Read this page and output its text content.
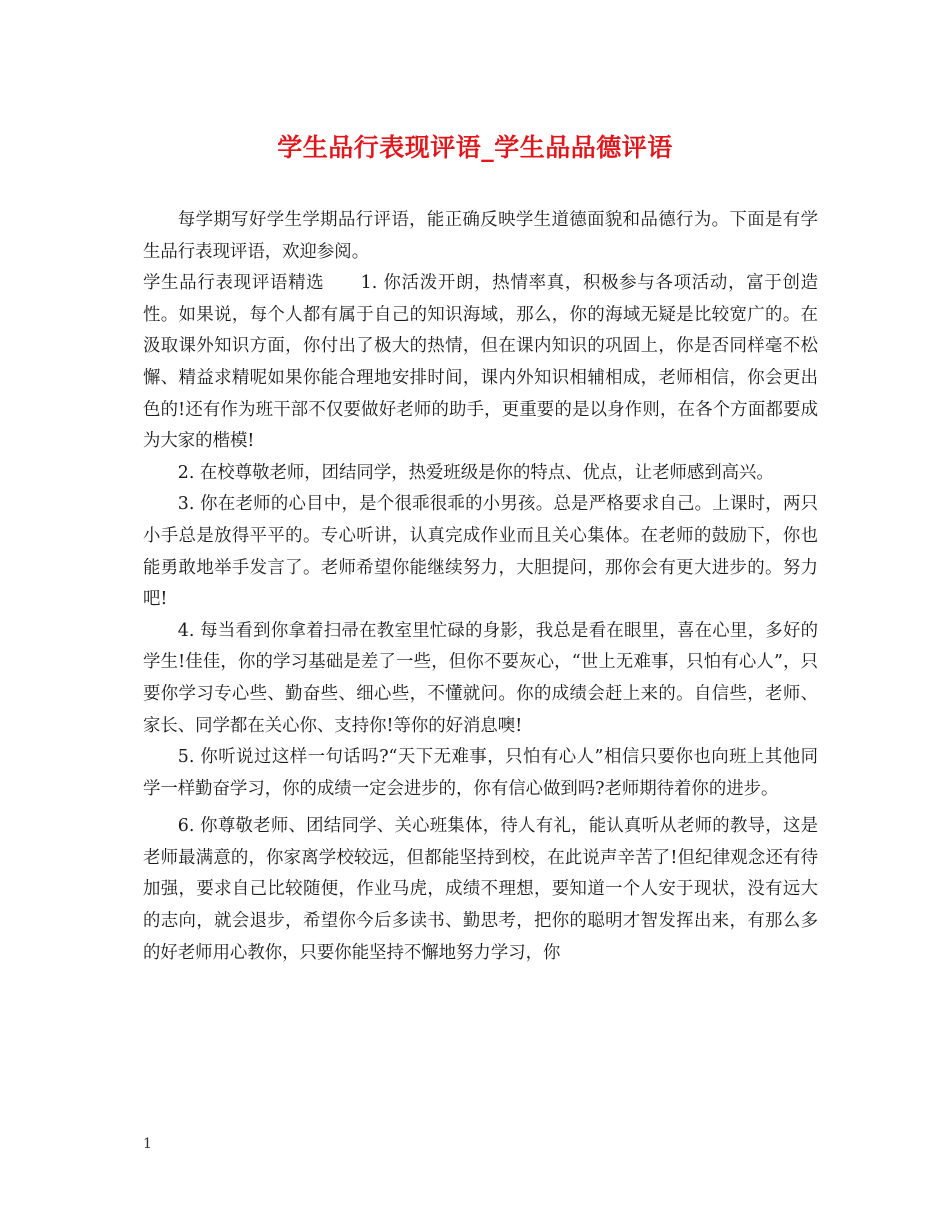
学生品行表现评语_学生品品德评语

每学期写好学生学期品行评语，能正确反映学生道德面貌和品德行为。下面是有学生品行表现评语，欢迎参阅。

学生品行表现评语精选　　1. 你活泼开朗，热情率真，积极参与各项活动，富于创造性。如果说，每个人都有属于自己的知识海域，那么，你的海域无疑是比较宽广的。在汲取课外知识方面，你付出了极大的热情，但在课内知识的巩固上，你是否同样毫不松懈、精益求精呢如果你能合理地安排时间，课内外知识相辅相成，老师相信，你会更出色的!还有作为班干部不仅要做好老师的助手，更重要的是以身作则，在各个方面都要成为大家的楷模!

2. 在校尊敬老师，团结同学，热爱班级是你的特点、优点，让老师感到高兴。

3. 你在老师的心目中，是个很乖很乖的小男孩。总是严格要求自己。上课时，两只小手总是放得平平的。专心听讲，认真完成作业而且关心集体。在老师的鼓励下，你也能勇敢地举手发言了。老师希望你能继续努力，大胆提问，那你会有更大进步的。努力吧!

4. 每当看到你拿着扫帚在教室里忙碌的身影，我总是看在眼里，喜在心里，多好的学生!佳佳，你的学习基础是差了一些，但你不要灰心，“世上无难事，只怕有心人”，只要你学习专心些、勤奋些、细心些，不懂就问。你的成绩会赶上来的。自信些，老师、家长、同学都在关心你、支持你!等你的好消息噢!

5. 你听说过这样一句话吗?“天下无难事，只怕有心人”相信只要你也向班上其他同学一样勤奋学习，你的成绩一定会进步的，你有信心做到吗?老师期待着你的进步。

6. 你尊敬老师、团结同学、关心班集体，待人有礼，能认真听从老师的教导，这是老师最满意的，你家离学校较远，但都能坚持到校，在此说声辛苦了!但纪律观念还有待加强，要求自己比较随便，作业马虎，成绩不理想，要知道一个人安于现状，没有远大的志向，就会退步，希望你今后多读书、勤思考，把你的聪明才智发挥出来，有那么多的好老师用心教你，只要你能坚持不懈地努力学习，你

1
